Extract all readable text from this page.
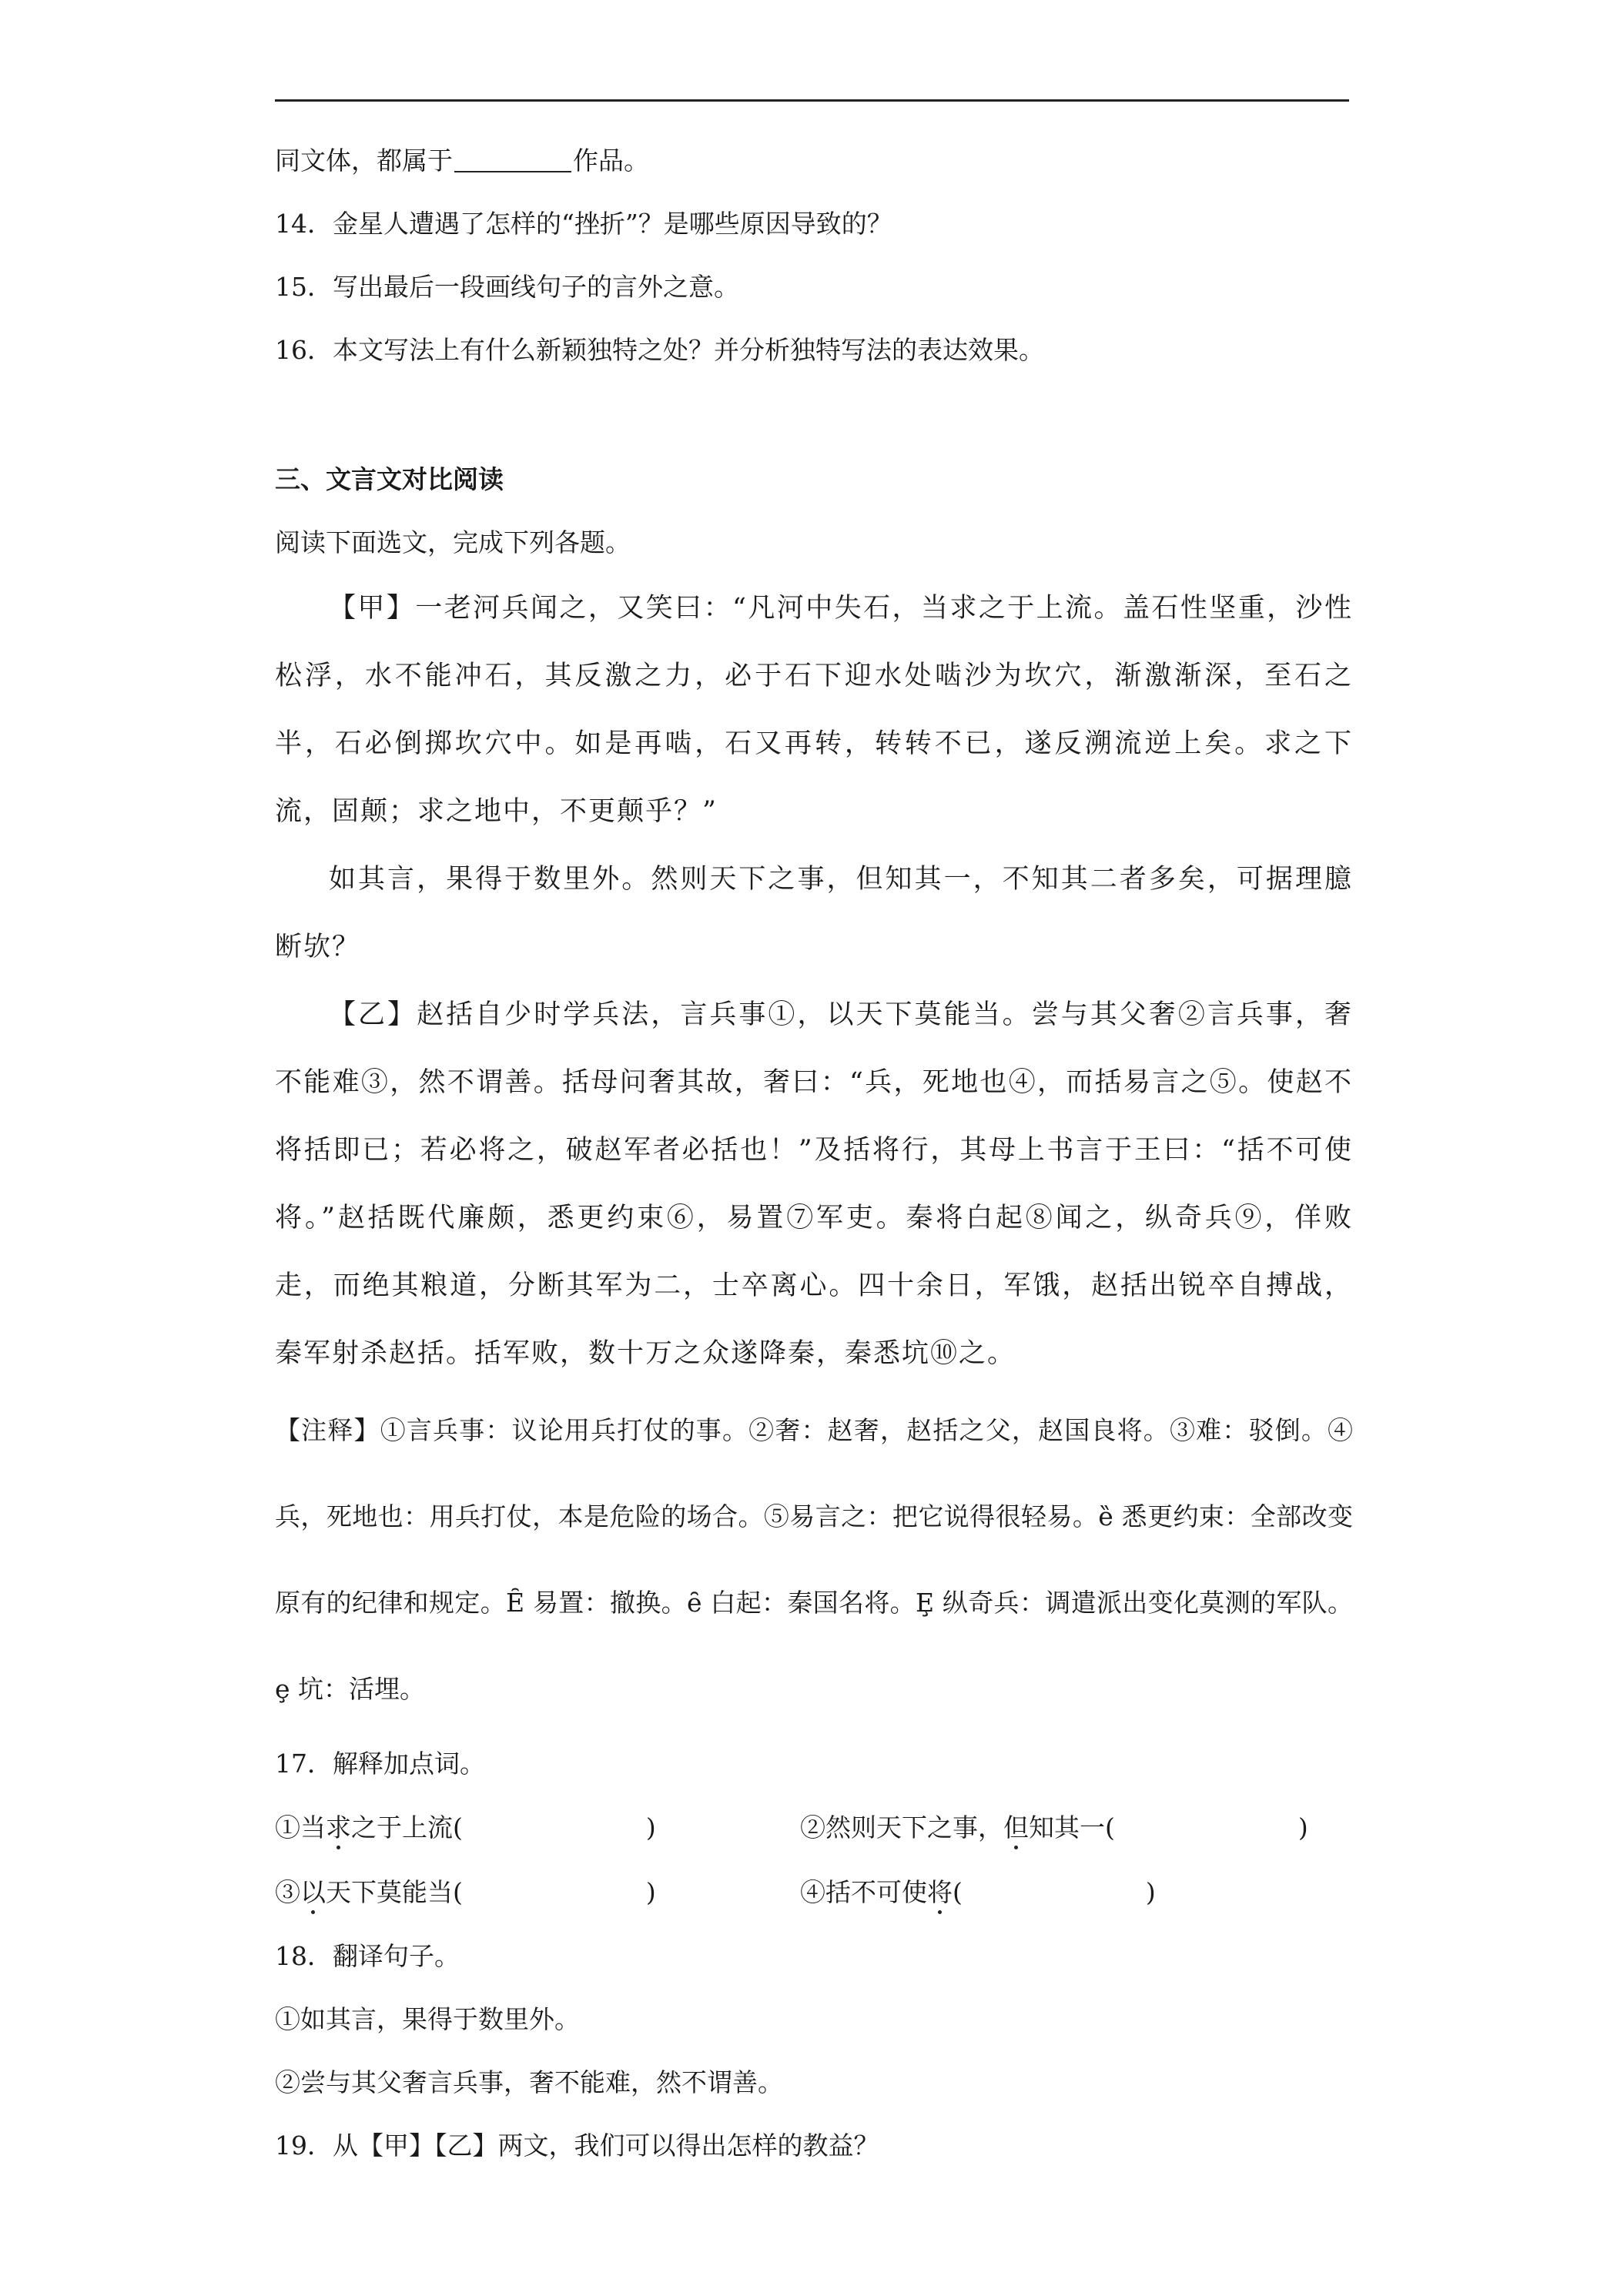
同文体，都属于	作品。
14．金星人遭遇了怎样的“挫折”？是哪些原因导致的？
15．写出最后一段画线句子的言外之意。
16．本文写法上有什么新颖独特之处？并分析独特写法的表达效果。
三、文言文对比阅读
阅读下面选文，完成下列各题。

【甲】一老河兵闻之，又笑曰：“凡河中失石，当求之于上流。盖石性坚重，沙性松浮，水不能冲石，其反激之力，必于石下迎水处啮沙为坎穴，渐激渐深，至石之半，石必倒掷坎穴中。如是再啮，石又再转，转转不已，遂反溯流逆上矣。求之下流，固颠；求之地中，不更颠乎？”

如其言，果得于数里外。然则天下之事，但知其一，不知其二者多矣，可据理臆断欤？

【乙】赵括自少时学兵法，言兵事①，以天下莫能当。尝与其父奢②言兵事，奢不能难③，然不谓善。括母问奢其故，奢曰：“兵，死地也④，而括易言之⑤。使赵不将括即已；若必将之，破赵军者必括也！”及括将行，其母上书言于王曰：“括不可使将。”赵括既代廉颇，悉更约束⑥，易置⑦军吏。秦将白起⑧闻之，纵奇兵⑨，佯败走，而绝其粮道，分断其军为二，士卒离心。四十余日，军饿，赵括出锐卒自搏战，秦军射杀赵括。括军败，数十万之众遂降秦，秦悉坑⑩之。

【注释】①言兵事：议论用兵打仗的事。②奢：赵奢，赵括之父，赵国良将。③难：驳倒。④兵，死地也：用兵打仗，本是危险的场合。⑤易言之：把它说得很轻易。ȅ 悉更约束：全部改变原有的纪律和规定。Ȇ 易置：撤换。ȇ 白起：秦国名将。Ȩ 纵奇兵：调遣派出变化莫测的军队。ȩ 坑：活埋。
17．解释加点词。
①当求之于上流(	)	②然则天下之事，但知其一(	)
③以天下莫能当(	)	④括不可使将(	)
18．翻译句子。
①如其言，果得于数里外。
②尝与其父奢言兵事，奢不能难，然不谓善。
19．从【甲】【乙】两文，我们可以得出怎样的教益？
